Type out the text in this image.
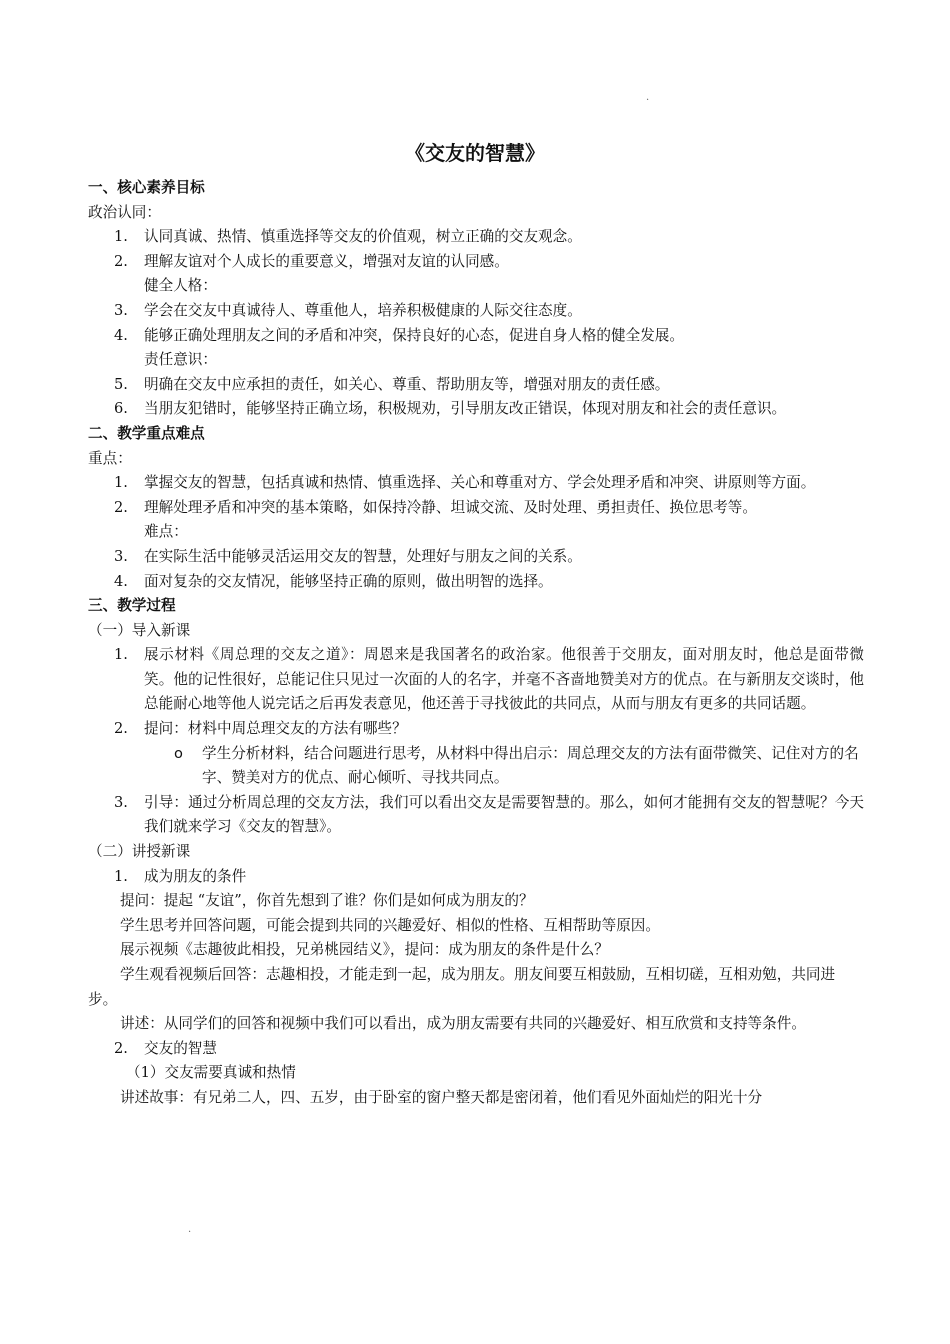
.
《交友的智慧》
一、核心素养目标
政治认同：
1. 认同真诚、热情、慎重选择等交友的价值观，树立正确的交友观念。
2. 理解友谊对个人成长的重要意义，增强对友谊的认同感。
健全人格：
3. 学会在交友中真诚待人、尊重他人，培养积极健康的人际交往态度。
4. 能够正确处理朋友之间的矛盾和冲突，保持良好的心态，促进自身人格的健全发展。
责任意识：
5. 明确在交友中应承担的责任，如关心、尊重、帮助朋友等，增强对朋友的责任感。
6. 当朋友犯错时，能够坚持正确立场，积极规劝，引导朋友改正错误，体现对朋友和社会的责任意识。
二、教学重点难点
重点：
1. 掌握交友的智慧，包括真诚和热情、慎重选择、关心和尊重对方、学会处理矛盾和冲突、讲原则等方面。
2. 理解处理矛盾和冲突的基本策略，如保持冷静、坦诚交流、及时处理、勇担责任、换位思考等。
难点：
3. 在实际生活中能够灵活运用交友的智慧，处理好与朋友之间的关系。
4. 面对复杂的交友情况，能够坚持正确的原则，做出明智的选择。
三、教学过程
（一）导入新课
1. 展示材料《周总理的交友之道》：周恩来是我国著名的政治家。他很善于交朋友，面对朋友时，他总是面带微笑。他的记性很好，总能记住只见过一次面的人的名字，并毫不吝啬地赞美对方的优点。在与新朋友交谈时，他总能耐心地等他人说完话之后再发表意见，他还善于寻找彼此的共同点，从而与朋友有更多的共同话题。
2. 提问：材料中周总理交友的方法有哪些？
o 学生分析材料，结合问题进行思考，从材料中得出启示：周总理交友的方法有面带微笑、记住对方的名字、赞美对方的优点、耐心倾听、寻找共同点。
3. 引导：通过分析周总理的交友方法，我们可以看出交友是需要智慧的。那么，如何才能拥有交友的智慧呢？今天我们就来学习《交友的智慧》。
（二）讲授新课
1. 成为朋友的条件
提问：提起 “友谊”，你首先想到了谁？你们是如何成为朋友的？
学生思考并回答问题，可能会提到共同的兴趣爱好、相似的性格、互相帮助等原因。
展示视频《志趣彼此相投，兄弟桃园结义》，提问：成为朋友的条件是什么？
学生观看视频后回答：志趣相投，才能走到一起，成为朋友。朋友间要互相鼓励，互相切磋，互相劝勉，共同进步。
讲述：从同学们的回答和视频中我们可以看出，成为朋友需要有共同的兴趣爱好、相互欣赏和支持等条件。
2. 交友的智慧
（1）交友需要真诚和热情
讲述故事：有兄弟二人，四、五岁，由于卧室的窗户整天都是密闭着，他们看见外面灿烂的阳光十分
.
